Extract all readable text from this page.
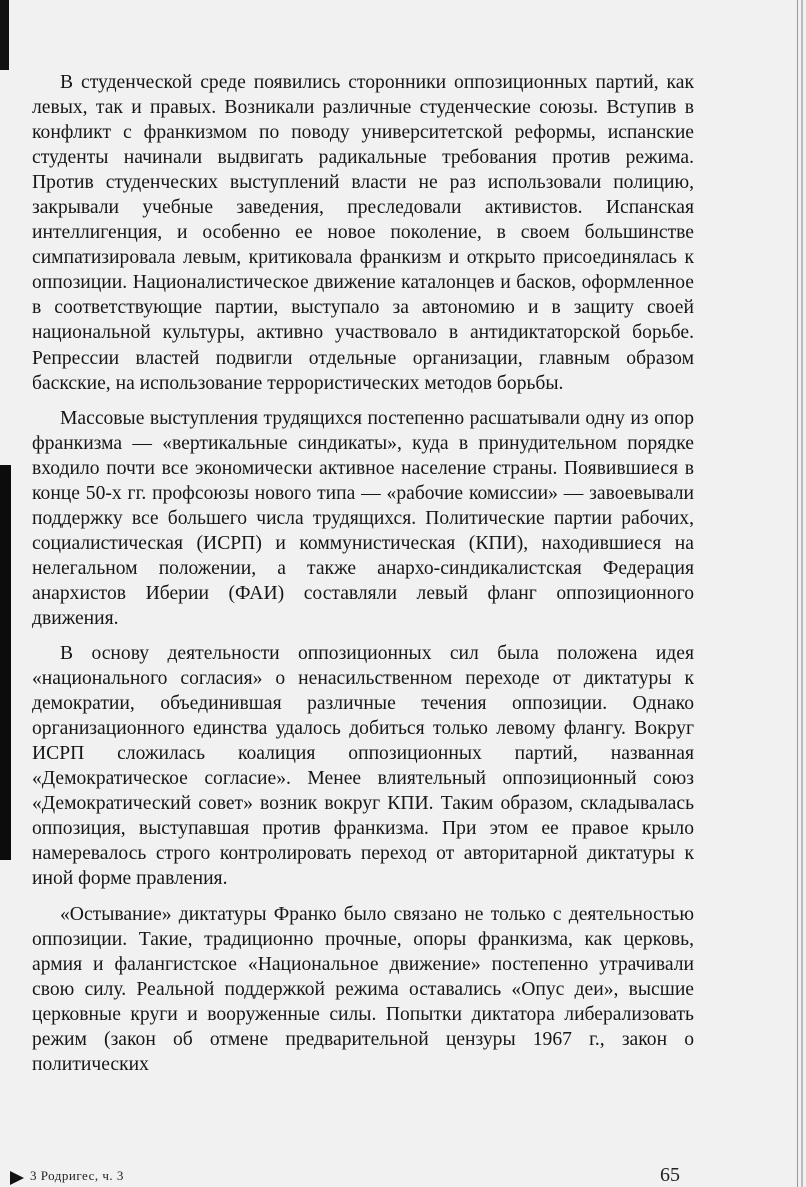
В студенческой среде появились сторонники оппозиционных партий, как левых, так и правых. Возникали различные студенческие союзы. Вступив в конфликт с франкизмом по поводу университетской реформы, испанские студенты начинали выдвигать радикальные требования против режима. Против студенческих выступлений власти не раз использовали полицию, закрывали учебные заведения, преследовали активистов. Испанская интеллигенция, и особенно ее новое поколение, в своем большинстве симпатизировала левым, критиковала франкизм и открыто присоединялась к оппозиции. Националистическое движение каталонцев и басков, оформленное в соответствующие партии, выступало за автономию и в защиту своей национальной культуры, активно участвовало в антидиктаторской борьбе. Репрессии властей подвигли отдельные организации, главным образом баскские, на использование террористических методов борьбы.

Массовые выступления трудящихся постепенно расшатывали одну из опор франкизма — «вертикальные синдикаты», куда в принудительном порядке входило почти все экономически активное население страны. Появившиеся в конце 50-х гг. профсоюзы нового типа — «рабочие комиссии» — завоевывали поддержку все большего числа трудящихся. Политические партии рабочих, социалистическая (ИСРП) и коммунистическая (КПИ), находившиеся на нелегальном положении, а также анархо-синдикалистская Федерация анархистов Иберии (ФАИ) составляли левый фланг оппозиционного движения.

В основу деятельности оппозиционных сил была положена идея «национального согласия» о ненасильственном переходе от диктатуры к демократии, объединившая различные течения оппозиции. Однако организационного единства удалось добиться только левому флангу. Вокруг ИСРП сложилась коалиция оппозиционных партий, названная «Демократическое согласие». Менее влиятельный оппозиционный союз «Демократический совет» возник вокруг КПИ. Таким образом, складывалась оппозиция, выступавшая против франкизма. При этом ее правое крыло намеревалось строго контролировать переход от авторитарной диктатуры к иной форме правления.

«Остывание» диктатуры Франко было связано не только с деятельностью оппозиции. Такие, традиционно прочные, опоры франкизма, как церковь, армия и фалангистское «Национальное движение» постепенно утрачивали свою силу. Реальной поддержкой режима оставались «Опус деи», высшие церковные круги и вооруженные силы. Попытки диктатора либерализовать режим (закон об отмене предварительной цензуры 1967 г., закон о политических

3 Родригес, ч. 3	65
